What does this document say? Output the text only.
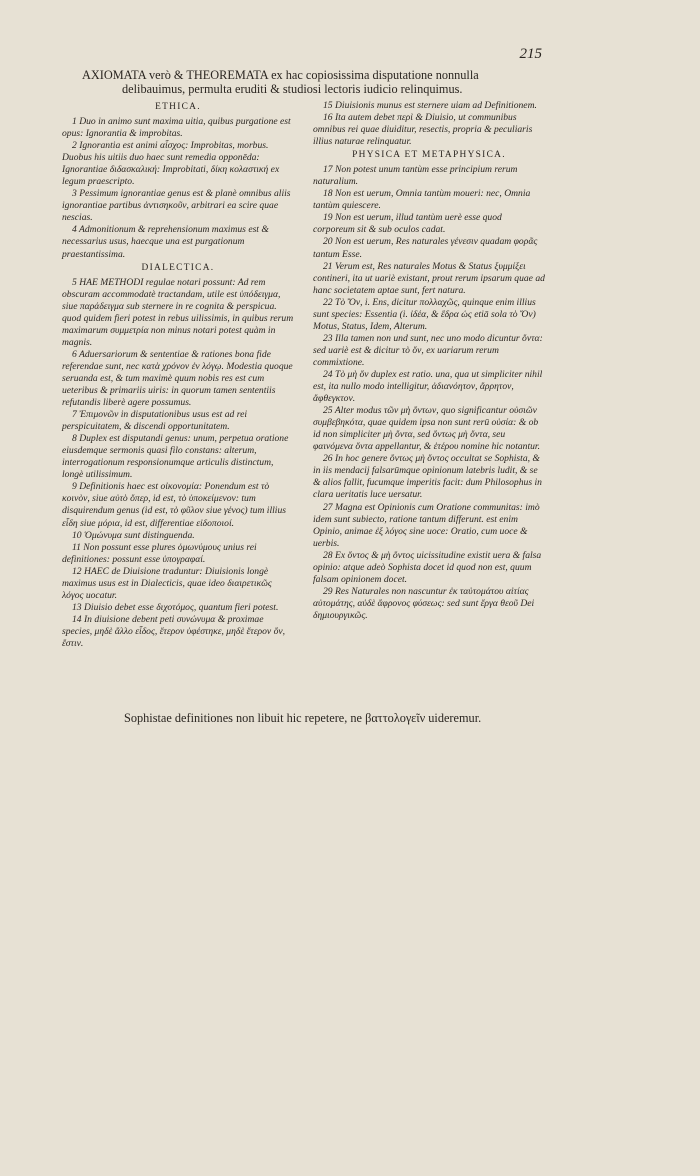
215
AXIOMATA verò & THEOREMATA ex hac copiosissima disputatione nonnulla
delibauimus, permulta eruditi & studiosi lectoris iudicio relinquimus.
ETHICA.

1 Duo in animo sunt maxima uitia, quibus purgatione est opus: Ignorantia & improbitas.

2 Ignorantia est animi αἶσχος: Improbitas, morbus. Duobus his uitiis duo haec sunt remedia opponēda: Ignorantiae διδασκαλική: Improbitati, δίκη κολαστική ex legum praescripto.

3 Pessimum ignorantiae genus est & planè omnibus aliis ignorantiae partibus ἀντισηκοῦν, arbitrari ea scire quae nescias.

4 Admonitionum & reprehensionum maximus est & necessarius usus, haecque una est purgationum praestantissima.

DIALECTICA.

5 HAE METHODI regulae notari possunt: Ad rem obscuram accommodatè tractandam, utile est ὑπόδειγμα, siue παράδειγμα sub sternere in re cognita & perspicua. quod quidem fieri potest in rebus uilissimis, in quibus rerum maximarum συμμετρία non minus notari potest quàm in magnis.

6 Aduersariorum & sententiae & rationes bona fide referendae sunt, nec κατὰ χρόνον ἐν λόγῳ. Modestia quoque seruanda est, & tum maximè quum nobis res est cum ueteribus & primariis uiris: in quorum tamen sententiis refutandis liberè agere possumus.

7 Ἐπιμονῶν in disputationibus usus est ad rei perspicuitatem, & discendi opportunitatem.

8 Duplex est disputandi genus: unum, perpetua oratione eiusdemque sermonis quasi filo constans: alterum, interrogationum responsionumque articulis distinctum, longè utilissimum.

9 Definitionis haec est οἰκονομία: Ponendum est τὸ κοινὸν, siue αὐτὸ ὅπερ, id est, τὸ ὑποκείμενον: tum disquirendum genus (id est, τὸ φῦλον siue γένος) tum illius εἶδη siue μόρια, id est, differentiae εἰδοποιοί.

10 Ὁμώνυμα sunt distinguenda.

11 Non possunt esse plures ὁμωνύμους unius rei definitiones: possunt esse ὑπογραφαί.

12 HAEC de Diuisione traduntur: Diuisionis longè maximus usus est in Dialecticis, quae ideo διαιρετικῶς λόγος uocatur.

13 Diuisio debet esse διχοτόμος, quantum fieri potest.

14 In diuisione debent peti συνώνυμα & proximae species, μηδὲ ἄλλο εἶδος, ἕτερον ὑφέστηκε, μηδὲ ἕτερον ὄν, ἔστιν.

15 Diuisionis munus est sternere uiam ad Definitionem.

16 Ita autem debet περὶ & Diuisio, ut communibus omnibus rei quae diuiditur, resectis, propria & peculiaris illius naturae relinquatur.

PHYSICA ET METAPHYSICA.

17 Non potest unum tantùm esse principium rerum naturalium.

18 Non est uerum, Omnia tantùm moueri: nec, Omnia tantùm quiescere.

19 Non est uerum, illud tantùm uerè esse quod corporeum sit & sub oculos cadat.

20 Non est uerum, Res naturales γένεσιν quadam φορᾶς tantum Esse.

21 Verum est, Res naturales Motus & Status ξυμμίξει contineri, ita ut uariè existant, prout rerum ipsarum quae ad hanc societatem aptae sunt, fert natura.

22 Τὸ Ὄν, i. Ens, dicitur πολλαχῶς, quinque enim illius sunt species: Essentia (i. ἰδέα, & ἕδρα ὡς etiā sola τὸ Ὄν) Motus, Status, Idem, Alterum.

23 Illa tamen non und sunt, nec uno modo dicuntur ὄντα: sed uariè est & dicitur τὸ ὄν, ex uariarum rerum commixtione.

24 Τὸ μὴ ὄν duplex est ratio. una, qua ut simpliciter nihil est, ita nullo modo intelligitur, ἀδιανόητον, ἄρρητον, ἄφθεγκτον.

25 Alter modus τῶν μὴ ὄντων, quo significantur οὐσιῶν συμβεβηκότα, quae quidem ipsa non sunt rerū οὐσία: & ob id non simpliciter μὴ ὄντα, sed ὄντως μὴ ὄντα, seu φαινόμενα ὄντα appellantur, & ἑτέρου nomine hic notantur.

26 In hoc genere ὄντως μὴ ὄντος occultat se Sophista, & in iis mendacij falsarūmque opinionum latebris ludit, & se & alios fallit, fucumque imperitis facit: dum Philosophus in clara ueritatis luce uersatur.

27 Magna est Opinionis cum Oratione communitas: imò idem sunt subiecto, ratione tantum differunt. est enim Opinio, animae ἐξ λόγος sine uoce: Oratio, cum uoce & uerbis.

28 Ex ὄντος & μὴ ὄντος uicissitudine existit uera & falsa opinio: atque adeò Sophista docet id quod non est, quum falsam opinionem docet.

29 Res Naturales non nascuntur ἐκ ταὐτομάτου αἰτίας αὐτομάτης, αὐδὲ ἄφρονος φύσεως: sed sunt ἔργα θεοῦ Dei δημιουργικῶς.

Sophistae definitiones non libuit hic repetere, ne βαττολογεῖν uideremur.
